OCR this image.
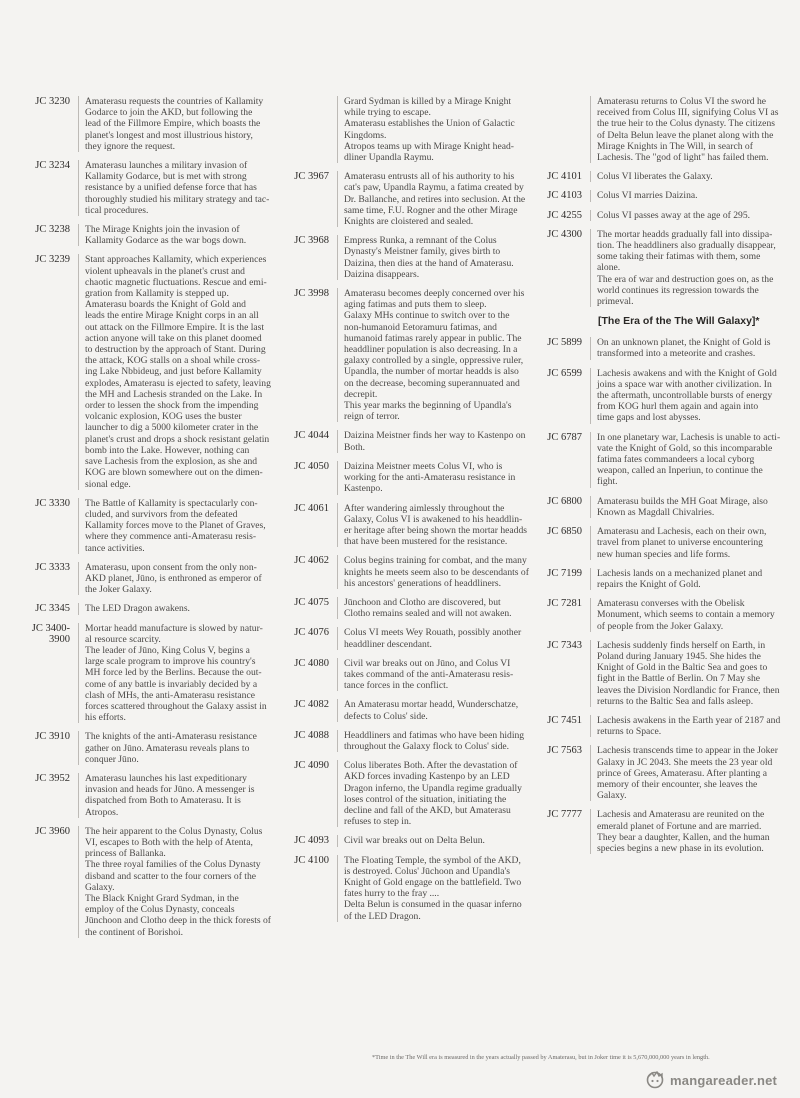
JC 3230	Amaterasu requests the countries of Kallamity
Godarce to join the AKD, but following the
lead of the Fillmore Empire, which boasts the
planet's longest and most illustrious history,
they ignore the request.
JC 3234	Amaterasu launches a military invasion of
Kallamity Godarce, but is met with strong
resistance by a unified defense force that has
thoroughly studied his military strategy and tac-
tical procedures.
JC 3238	The Mirage Knights join the invasion of
Kallamity Godarce as the war bogs down.
JC 3239	Stant approaches Kallamity, which experiences
violent upheavals in the planet's crust and
chaotic magnetic fluctuations. Rescue and emi-
gration from Kallamity is stepped up.
Amaterasu boards the Knight of Gold and
leads the entire Mirage Knight corps in an all
out attack on the Fillmore Empire. It is the last
action anyone will take on this planet doomed
to destruction by the approach of Stant. During
the attack, KOG stalls on a shoal while cross-
ing Lake Nbbideug, and just before Kallamity
explodes, Amaterasu is ejected to safety, leaving
the MH and Lachesis stranded on the Lake. In
order to lessen the shock from the impending
volcanic explosion, KOG uses the buster
launcher to dig a 5000 kilometer crater in the
planet's crust and drops a shock resistant gelatin
bomb into the Lake. However, nothing can
save Lachesis from the explosion, as she and
KOG are blown somewhere out on the dimen-
sional edge.
JC 3330	The Battle of Kallamity is spectacularly con-
cluded, and survivors from the defeated
Kallamity forces move to the Planet of Graves,
where they commence anti-Amaterasu resis-
tance activities.
JC 3333	Amaterasu, upon consent from the only non-
AKD planet, Jūno, is enthroned as emperor of
the Joker Galaxy.
JC 3345	The LED Dragon awakens.
JC 3400-
3900
Mortar headd manufacture is slowed by natur-
al resource scarcity.
The leader of Jūno, King Colus V, begins a
large scale program to improve his country's
MH force led by the Berlins. Because the out-
come of any battle is invariably decided by a
clash of MHs, the anti-Amaterasu resistance
forces scattered throughout the Galaxy assist in
his efforts.
JC 3910	The knights of the anti-Amaterasu resistance
gather on Jūno. Amaterasu reveals plans to
conquer Jūno.
JC 3952	Amaterasu launches his last expeditionary
invasion and heads for Jūno. A messenger is
dispatched from Both to Amaterasu. It is
Atropos.
JC 3960	The heir apparent to the Colus Dynasty, Colus
VI, escapes to Both with the help of Atenta,
princess of Ballanka.
The three royal families of the Colus Dynasty
disband and scatter to the four corners of the
Galaxy.
The Black Knight Grard Sydman, in the
employ of the Colus Dynasty, conceals
Jūnchoon and Clotho deep in the thick forests of
the continent of Borishoi.
Grard Sydman is killed by a Mirage Knight
while trying to escape.
Amaterasu establishes the Union of Galactic
Kingdoms.
Atropos teams up with Mirage Knight head-
dliner Upandla Raymu.
JC 3967	Amaterasu entrusts all of his authority to his
cat's paw, Upandla Raymu, a fatima created by
Dr. Ballanche, and retires into seclusion. At the
same time, F.U. Rogner and the other Mirage
Knights are cloistered and sealed.
JC 3968	Empress Runka, a remnant of the Colus
Dynasty's Meistner family, gives birth to
Daizina, then dies at the hand of Amaterasu.
Daizina disappears.
JC 3998	Amaterasu becomes deeply concerned over his
aging fatimas and puts them to sleep.
Galaxy MHs continue to switch over to the
non-humanoid Eetoramuru fatimas, and
humanoid fatimas rarely appear in public. The
headdliner population is also decreasing. In a
galaxy controlled by a single, oppressive ruler,
Upandla, the number of mortar headds is also
on the decrease, becoming superannuated and
decrepit.
This year marks the beginning of Upandla's
reign of terror.
JC 4044	Daizina Meistner finds her way to Kastenpo on
Both.
JC 4050	Daizina Meistner meets Colus VI, who is
working for the anti-Amaterasu resistance in
Kastenpo.
JC 4061	After wandering aimlessly throughout the
Galaxy, Colus VI is awakened to his headdlin-
er heritage after being shown the mortar headds
that have been mustered for the resistance.
JC 4062	Colus begins training for combat, and the many
knights he meets seem also to be descendants of
his ancestors' generations of headdliners.
JC 4075	Jūnchoon and Clotho are discovered, but
Clotho remains sealed and will not awaken.
JC 4076	Colus VI meets Wey Rouath, possibly another
headdliner descendant.
JC 4080	Civil war breaks out on Jūno, and Colus VI
takes command of the anti-Amaterasu resis-
tance forces in the conflict.
JC 4082	An Amaterasu mortar headd, Wunderschatze,
defects to Colus' side.
JC 4088	Headdliners and fatimas who have been hiding
throughout the Galaxy flock to Colus' side.
JC 4090	Colus liberates Both. After the devastation of
AKD forces invading Kastenpo by an LED
Dragon inferno, the Upandla regime gradually
loses control of the situation, initiating the
decline and fall of the AKD, but Amaterasu
refuses to step in.
JC 4093	Civil war breaks out on Delta Belun.
JC 4100	The Floating Temple, the symbol of the AKD,
is destroyed. Colus' Jūchoon and Upandla's
Knight of Gold engage on the battlefield. Two
fates hurry to the fray ....
Delta Belun is consumed in the quasar inferno
of the LED Dragon.
Amaterasu returns to Colus VI the sword he
received from Colus III, signifying Colus VI as
the true heir to the Colus dynasty. The citizens
of Delta Belun leave the planet along with the
Mirage Knights in The Will, in search of
Lachesis. The "god of light" has failed them.
JC 4101	Colus VI liberates the Galaxy.
JC 4103	Colus VI marries Daizina.
JC 4255	Colus VI passes away at the age of 295.
JC 4300	The mortar headds gradually fall into dissipa-
tion. The headdliners also gradually disappear,
some taking their fatimas with them, some
alone.
The era of war and destruction goes on, as the
world continues its regression towards the
primeval.
[The Era of the The Will Galaxy]*
JC 5899	On an unknown planet, the Knight of Gold is
transformed into a meteorite and crashes.
JC 6599	Lachesis awakens and with the Knight of Gold
joins a space war with another civilization. In
the aftermath, uncontrollable bursts of energy
from KOG hurl them again and again into
time gaps and lost abysses.
JC 6787	In one planetary war, Lachesis is unable to acti-
vate the Knight of Gold, so this incomparable
fatima fates commandeers a local cyborg
weapon, called an Inperiun, to continue the
fight.
JC 6800	Amaterasu builds the MH Goat Mirage, also
Known as Magdall Chivalries.
JC 6850	Amaterasu and Lachesis, each on their own,
travel from planet to universe encountering
new human species and life forms.
JC 7199	Lachesis lands on a mechanized planet and
repairs the Knight of Gold.
JC 7281	Amaterasu converses with the Obelisk
Monument, which seems to contain a memory
of people from the Joker Galaxy.
JC 7343	Lachesis suddenly finds herself on Earth, in
Poland during January 1945. She hides the
Knight of Gold in the Baltic Sea and goes to
fight in the Battle of Berlin. On 7 May she
leaves the Division Nordlandic for France, then
returns to the Baltic Sea and falls asleep.
JC 7451	Lachesis awakens in the Earth year of 2187 and
returns to Space.
JC 7563	Lachesis transcends time to appear in the Joker
Galaxy in JC 2043. She meets the 23 year old
prince of Grees, Amaterasu. After planting a
memory of their encounter, she leaves the
Galaxy.
JC 7777	Lachesis and Amaterasu are reunited on the
emerald planet of Fortune and are married.
They bear a daughter, Kallen, and the human
species begins a new phase in its evolution.
*Time in the The Will era is measured in the years actually passed by Amaterasu, but in Joker time it is 5,670,000,000 years in length.
mangareader.net
